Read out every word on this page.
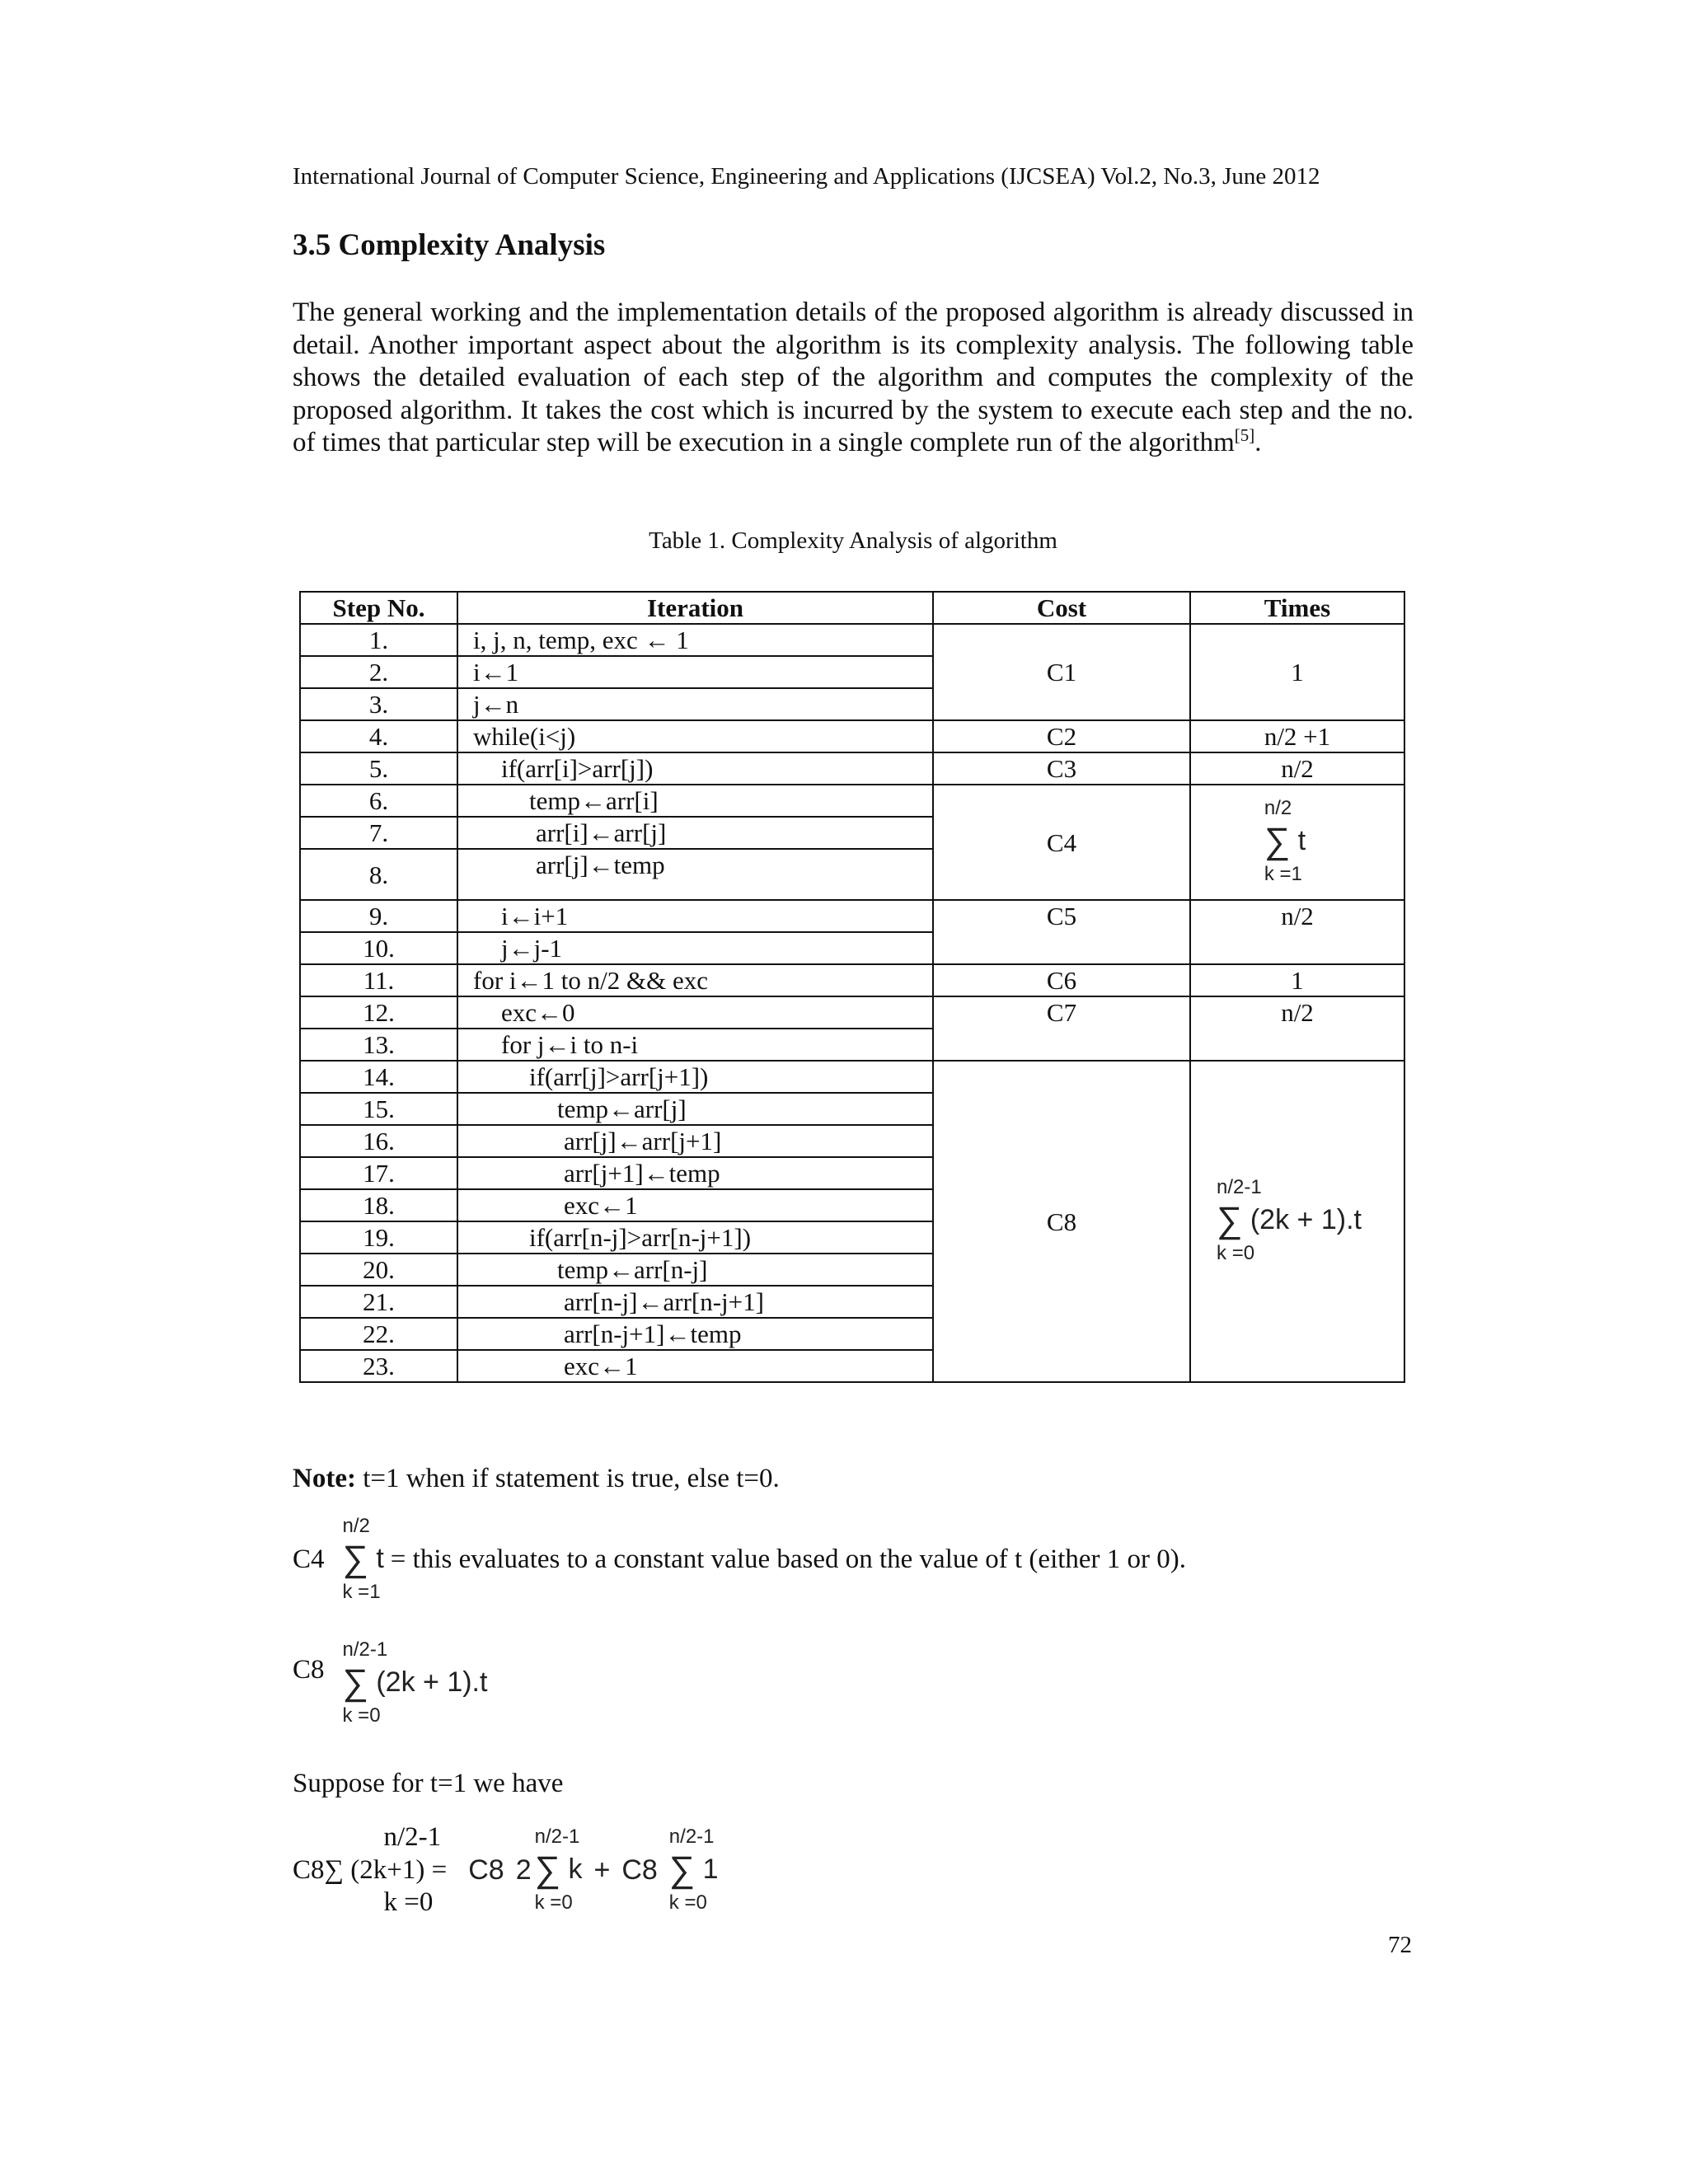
International Journal of Computer Science, Engineering and Applications (IJCSEA) Vol.2, No.3, June 2012
3.5 Complexity Analysis
The general working and the implementation details of the proposed algorithm is already discussed in detail. Another important aspect about the algorithm is its complexity analysis. The following table shows the detailed evaluation of each step of the algorithm and computes the complexity of the proposed algorithm. It takes the cost which is incurred by the system to execute each step and the no. of times that particular step will be execution in a single complete run of the algorithm[5].
Table 1. Complexity Analysis of algorithm
Step No.	Iteration	Cost	Times
1.	i, j, n, temp, exc ← 1	C1	1
2.	i←1		
3.	j←n		
4.	while(i<j)	C2	n/2 +1
5.	if(arr[i]>arr[j])	C3	n/2
6.	temp←arr[i]	C4	n/2
∑ t
k =1

7.	arr[i]←arr[j]		
8.	arr[j]←temp		
9.	i←i+1	C5	n/2
10.	j←j-1		
11.	for i←1 to n/2 && exc	C6	1
12.	exc←0	C7	n/2
13.	for j←i to n-i		
14.	if(arr[j]>arr[j+1])	C8	n/2-1
∑ (2k + 1).t
k =0

15.	temp←arr[j]		
16.	arr[j]←arr[j+1]		
17.	arr[j+1]←temp		
18.	exc←1		
19.	if(arr[n-j]>arr[n-j+1])		
20.	temp←arr[n-j]		
21.	arr[n-j]←arr[n-j+1]		
22.	arr[n-j+1]←temp		
23.	exc←1		
Note: t=1 when if statement is true, else t=0.
C4
n/2
∑ t
k =1
= this evaluates to a constant value based on the value of t (either 1 or 0).
C8
n/2-1
∑ (2k + 1).t
k =0
Suppose for t=1 we have
C8
n/2-1
∑ (2k+1) =
k =0
C8 2
n/2-1
∑ k
k =0
+ C8
n/2-1
∑ 1
k =0
72
